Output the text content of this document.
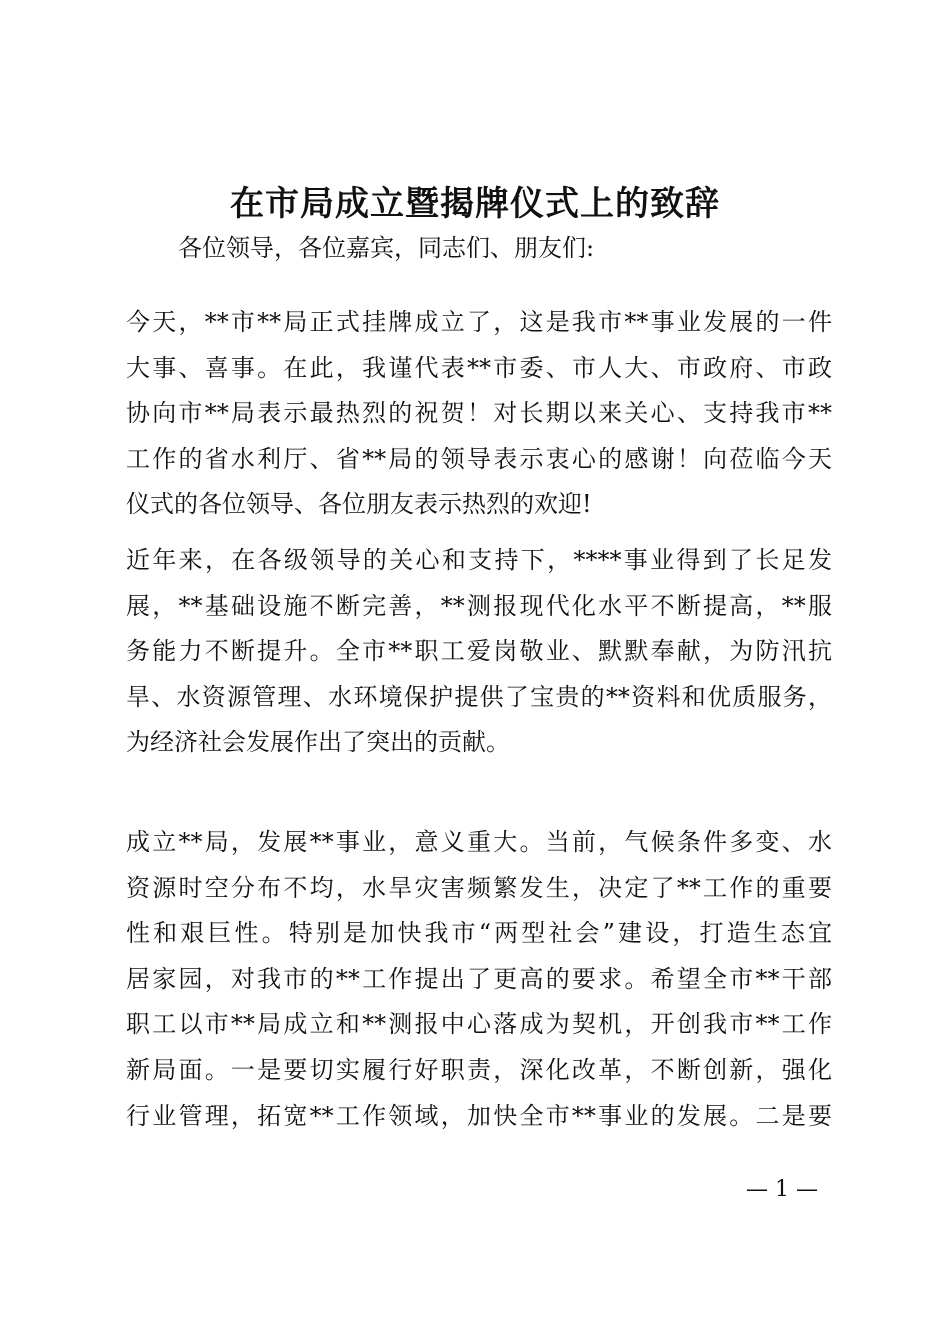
在市局成立暨揭牌仪式上的致辞
各位领导，各位嘉宾，同志们、朋友们:
今天，**市**局正式挂牌成立了，这是我市**事业发展的一件
大事、喜事。在此，我谨代表**市委、市人大、市政府、市政
协向市**局表示最热烈的祝贺！对长期以来关心、支持我市**
工作的省水利厅、省**局的领导表示衷心的感谢！向莅临今天
仪式的各位领导、各位朋友表示热烈的欢迎!
近年来，在各级领导的关心和支持下，****事业得到了长足发
展，**基础设施不断完善，**测报现代化水平不断提高，**服
务能力不断提升。全市**职工爱岗敬业、默默奉献，为防汛抗
旱、水资源管理、水环境保护提供了宝贵的**资料和优质服务，
为经济社会发展作出了突出的贡献。
成立**局，发展**事业，意义重大。当前，气候条件多变、水
资源时空分布不均，水旱灾害频繁发生，决定了**工作的重要
性和艰巨性。特别是加快我市“两型社会”建设，打造生态宜
居家园，对我市的**工作提出了更高的要求。希望全市**干部
职工以市**局成立和**测报中心落成为契机，开创我市**工作
新局面。一是要切实履行好职责，深化改革，不断创新，强化
行业管理，拓宽**工作领域，加快全市**事业的发展。二是要
— 1 —
